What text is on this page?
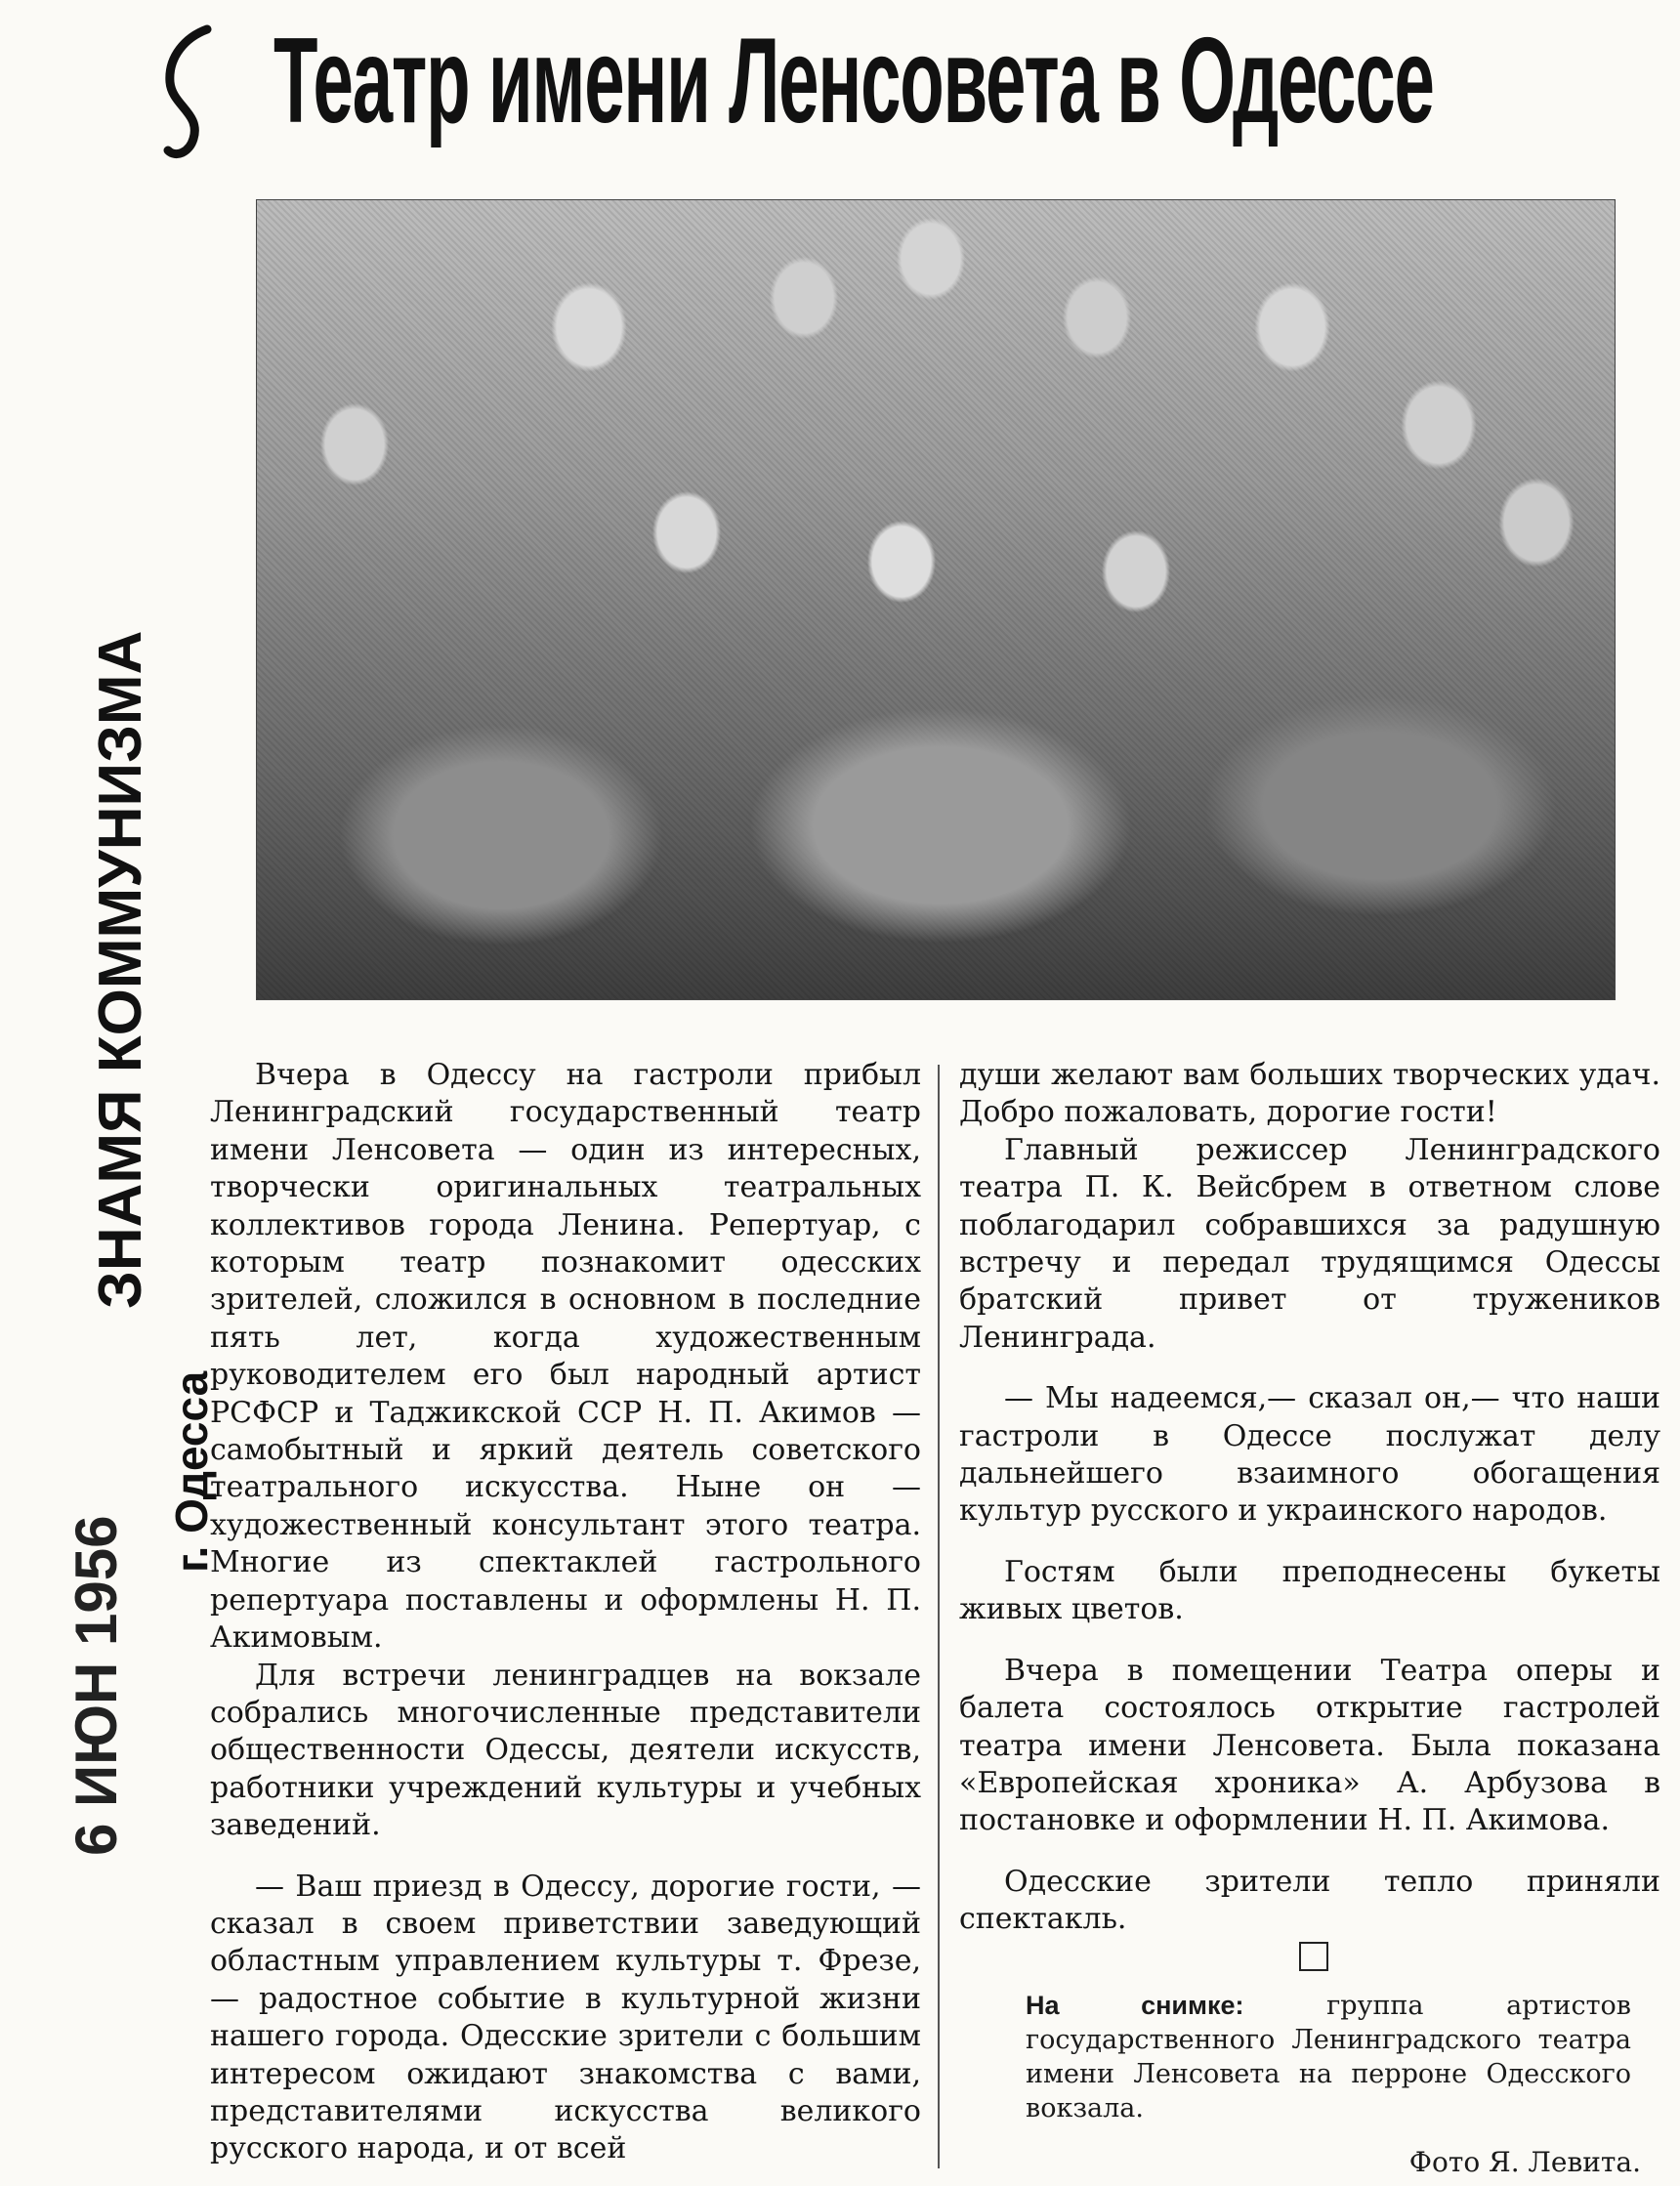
Театр имени Ленсовета в Одессе
ЗНАМЯ КОММУНИЗМА
г. Одесса
6 ИЮН 1956

Вчера в Одессу на гастроли прибыл Ленинградский государственный театр имени Ленсовета — один из интересных, творчески оригинальных театральных коллективов города Ленина. Репертуар, с которым театр познакомит одесских зрителей, сложился в основном в последние пять лет, когда художественным руководителем его был народный артист РСФСР и Таджикской ССР Н. П. Акимов — самобытный и яркий деятель советского театрального искусства. Ныне он — художественный консультант этого театра. Многие из спектаклей гастрольного репертуара поставлены и оформлены Н. П. Акимовым.

Для встречи ленинградцев на вокзале собрались многочисленные представители общественности Одессы, деятели искусств, работники учреждений культуры и учебных заведений.

— Ваш приезд в Одессу, дорогие гости, — сказал в своем приветствии заведующий областным управлением культуры т. Фрезе,— радостное событие в культурной жизни нашего города. Одесские зрители с большим интересом ожидают знакомства с вами, представителями искусства великого русского народа, и от всей

души желают вам больших творческих удач. Добро пожаловать, дорогие гости!

Главный режиссер Ленинградского театра П. К. Вейсбрем в ответном слове поблагодарил собравшихся за радушную встречу и передал трудящимся Одессы братский привет от тружеников Ленинграда.

— Мы надеемся,— сказал он,— что наши гастроли в Одессе послужат делу дальнейшего взаимного обогащения культур русского и украинского народов.

Гостям были преподнесены букеты живых цветов.

Вчера в помещении Театра оперы и балета состоялось открытие гастролей театра имени Ленсовета. Была показана «Европейская хроника» А. Арбузова в постановке и оформлении Н. П. Акимова.

Одесские зрители тепло приняли спектакль.

На снимке:	группа артистов государственного Ленинградского театра имени Ленсовета на перроне Одесского вокзала.
Фото Я. Левита.
